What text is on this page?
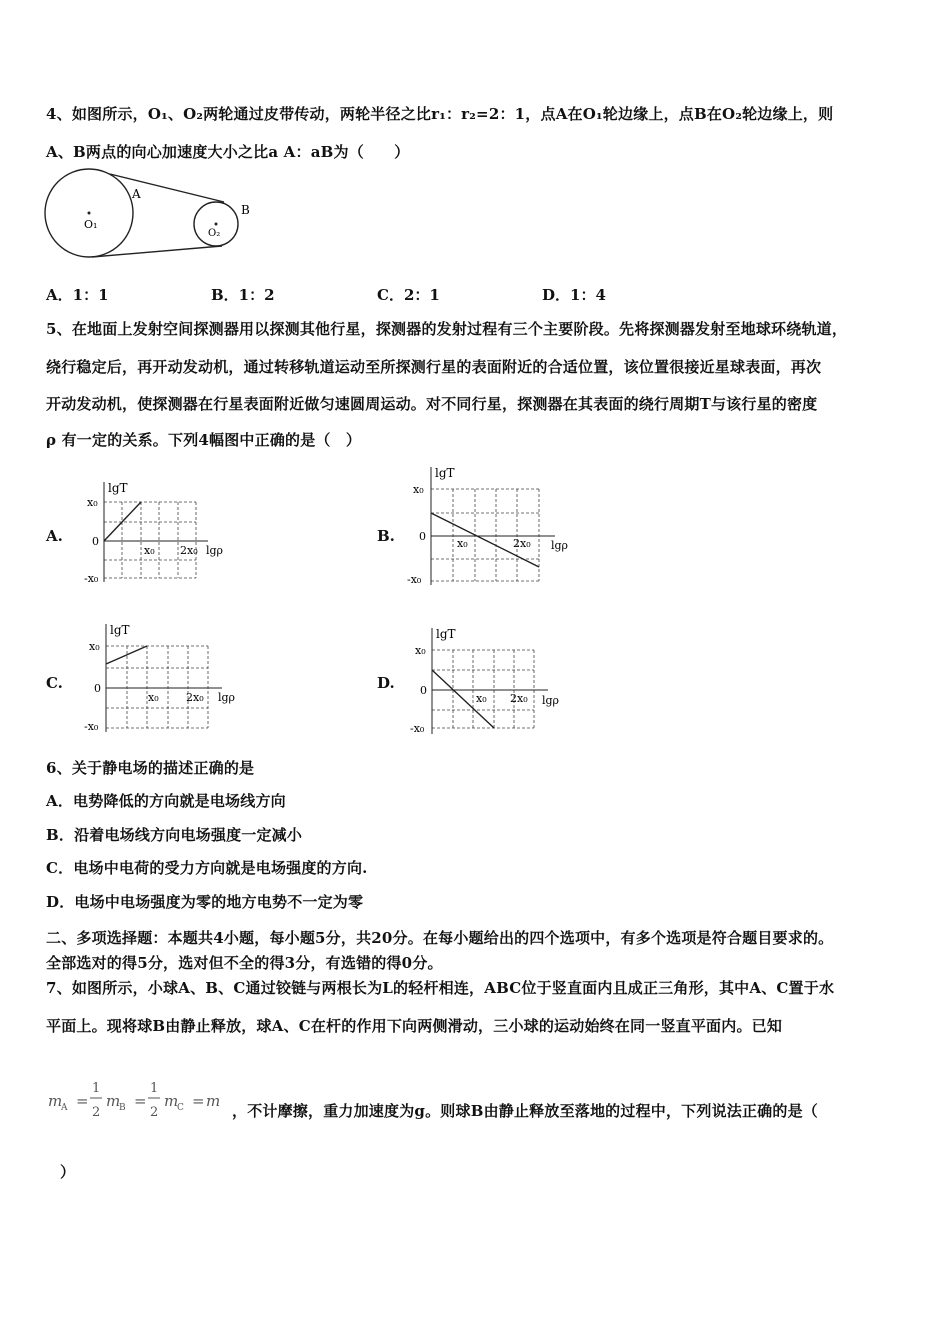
4、如图所示，O₁、O₂两轮通过皮带传动，两轮半径之比r₁：r₂=2：1，点A在O₁轮边缘上，点B在O₂轮边缘上，则
A、B两点的向心加速度大小之比a A：aB为（　　）
A
B
O₁
O₂
A．1：1	B．1：2	C．2：1	D．1：4
5、在地面上发射空间探测器用以探测其他行星，探测器的发射过程有三个主要阶段。先将探测器发射至地球环绕轨道，
绕行稳定后，再开动发动机，通过转移轨道运动至所探测行星的表面附近的合适位置，该位置很接近星球表面，再次
开动发动机，使探测器在行星表面附近做匀速圆周运动。对不同行星，探测器在其表面的绕行周期T与该行星的密度
ρ 有一定的关系。下列4幅图中正确的是（　）
A.	B.
C.	D.
lgT
x₀
0
-x₀
x₀ 2x₀ lgρ
lgT
x₀
0
-x₀
x₀	2x₀ lgρ
lgT
x₀
0
-x₀
x₀ 2x₀ lgρ
lgT
x₀
0
-x₀
x₀ 2x₀ lgρ
6、关于静电场的描述正确的是
A．电势降低的方向就是电场线方向
B．沿着电场线方向电场强度一定减小
C．电场中电荷的受力方向就是电场强度的方向.
D．电场中电场强度为零的地方电势不一定为零
二、多项选择题：本题共4小题，每小题5分，共20分。在每小题给出的四个选项中，有多个选项是符合题目要求的。
全部选对的得5分，选对但不全的得3分，有选错的得0分。
7、如图所示，小球A、B、C通过铰链与两根长为L的轻杆相连，ABC位于竖直面内且成正三角形，其中A、C置于水
平面上。现将球B由静止释放，球A、C在杆的作用下向两侧滑动，三小球的运动始终在同一竖直平面内。已知
m
A =
1
2
m
B =
1
2
m
C = m
，不计摩擦，重力加速度为g。则球B由静止释放至落地的过程中，下列说法正确的是（
）
